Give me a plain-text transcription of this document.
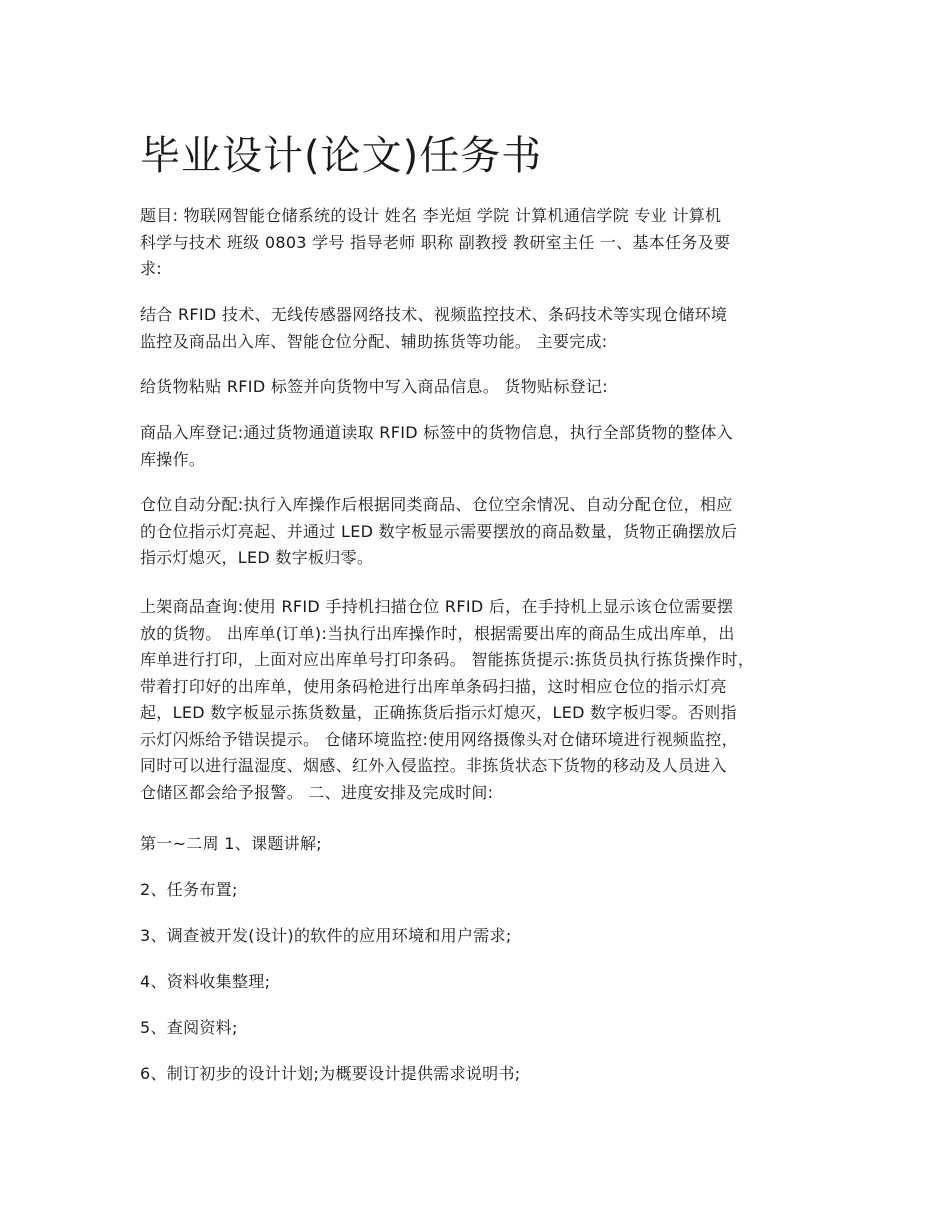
毕业设计(论文)任务书

题目: 物联网智能仓储系统的设计 姓名 李光烜 学院 计算机通信学院 专业 计算机
科学与技术 班级 0803 学号 指导老师 职称 副教授 教研室主任 一、基本任务及要
求:

结合 RFID 技术、无线传感器网络技术、视频监控技术、条码技术等实现仓储环境
监控及商品出入库、智能仓位分配、辅助拣货等功能。 主要完成:

给货物粘贴 RFID 标签并向货物中写入商品信息。 货物贴标登记:

商品入库登记:通过货物通道读取 RFID 标签中的货物信息，执行全部货物的整体入
库操作。

仓位自动分配:执行入库操作后根据同类商品、仓位空余情况、自动分配仓位，相应
的仓位指示灯亮起、并通过 LED 数字板显示需要摆放的商品数量，货物正确摆放后
指示灯熄灭，LED 数字板归零。

上架商品查询:使用 RFID 手持机扫描仓位 RFID 后，在手持机上显示该仓位需要摆
放的货物。 出库单(订单):当执行出库操作时，根据需要出库的商品生成出库单，出
库单进行打印，上面对应出库单号打印条码。 智能拣货提示:拣货员执行拣货操作时，
带着打印好的出库单，使用条码枪进行出库单条码扫描，这时相应仓位的指示灯亮
起，LED 数字板显示拣货数量，正确拣货后指示灯熄灭，LED 数字板归零。否则指
示灯闪烁给予错误提示。 仓储环境监控:使用网络摄像头对仓储环境进行视频监控，
同时可以进行温湿度、烟感、红外入侵监控。非拣货状态下货物的移动及人员进入
仓储区都会给予报警。 二、进度安排及完成时间:

第一~二周 1、课题讲解;

2、任务布置;

3、调查被开发(设计)的软件的应用环境和用户需求;

4、资料收集整理;

5、查阅资料;

6、制订初步的设计计划;为概要设计提供需求说明书;
